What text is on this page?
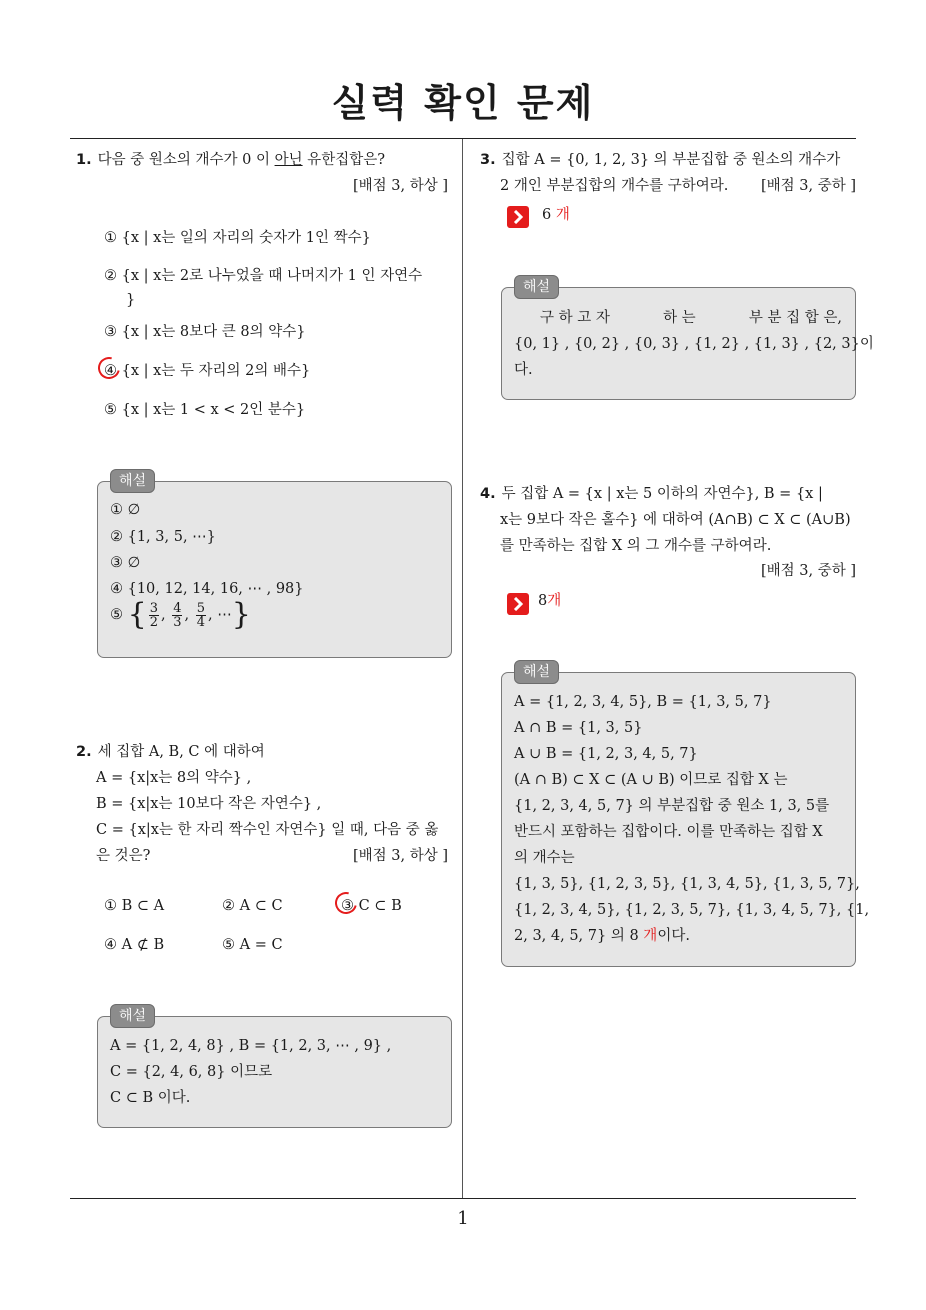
실력 확인 문제
1
1. 다음 중 원소의 개수가 0 이 아닌 유한집합은?
[배점 3, 하상 ]
① {x | x는 일의 자리의 숫자가 1인 짝수}
② {x | x는 2로 나누었을 때 나머지가 1 인 자연수
}
③ {x | x는 8보다 큰 8의 약수}
④ {x | x는 두 자리의 2의 배수}
⑤ {x | x는 1 < x < 2인 분수}
해설
① ∅
② {1, 3, 5, ⋯}
③ ∅
④ {10, 12, 14, 16, ⋯ , 98}
⑤ { $\frac{3}{2}$ , $\frac{4}{3}$ , $\frac{5}{4}$ , ⋯}
2. 세 집합 A, B, C 에 대하여
A = {x|x는 8의 약수} ,
B = {x|x는 10보다 작은 자연수} ,
C = {x|x는 한 자리 짝수인 자연수} 일 때, 다음 중 옳
은 것은?	[배점 3, 하상 ]
① B ⊂ A	② A ⊂ C	③ C ⊂ B
④ A ⊄ B	⑤ A = C
해설
A = {1, 2, 4, 8} , B = {1, 2, 3, ⋯ , 9} ,
C = {2, 4, 6, 8} 이므로
C ⊂ B 이다.
3. 집합 A = {0, 1, 2, 3} 의 부분집합 중 원소의 개수가
2 개인 부분집합의 개수를 구하여라.	[배점 3, 중하 ]
6 개
해설
구 하 고 자	하 는	부 분 집 합 은,
{0, 1} , {0, 2} , {0, 3} , {1, 2} , {1, 3} , {2, 3} 이
다.
4. 두 집합 A = {x | x는 5 이하의 자연수}, B = {x |
x는 9보다 작은 홀수} 에 대하여 (A∩B) ⊂ X ⊂ (A∪B)
를 만족하는 집합 X 의 그 개수를 구하여라.
[배점 3, 중하 ]
8개
해설
A = {1, 2, 3, 4, 5}, B = {1, 3, 5, 7}
A ∩ B = {1, 3, 5}
A ∪ B = {1, 2, 3, 4, 5, 7}
(A ∩ B) ⊂ X ⊂ (A ∪ B) 이므로 집합 X 는
{1, 2, 3, 4, 5, 7} 의 부분집합 중 원소 1, 3, 5를
반드시 포함하는 집합이다. 이를 만족하는 집합 X
의 개수는
{1, 3, 5}, {1, 2, 3, 5}, {1, 3, 4, 5}, {1, 3, 5, 7},
{1, 2, 3, 4, 5}, {1, 2, 3, 5, 7}, {1, 3, 4, 5, 7}, {1,
2, 3, 4, 5, 7} 의 8 개이다.
